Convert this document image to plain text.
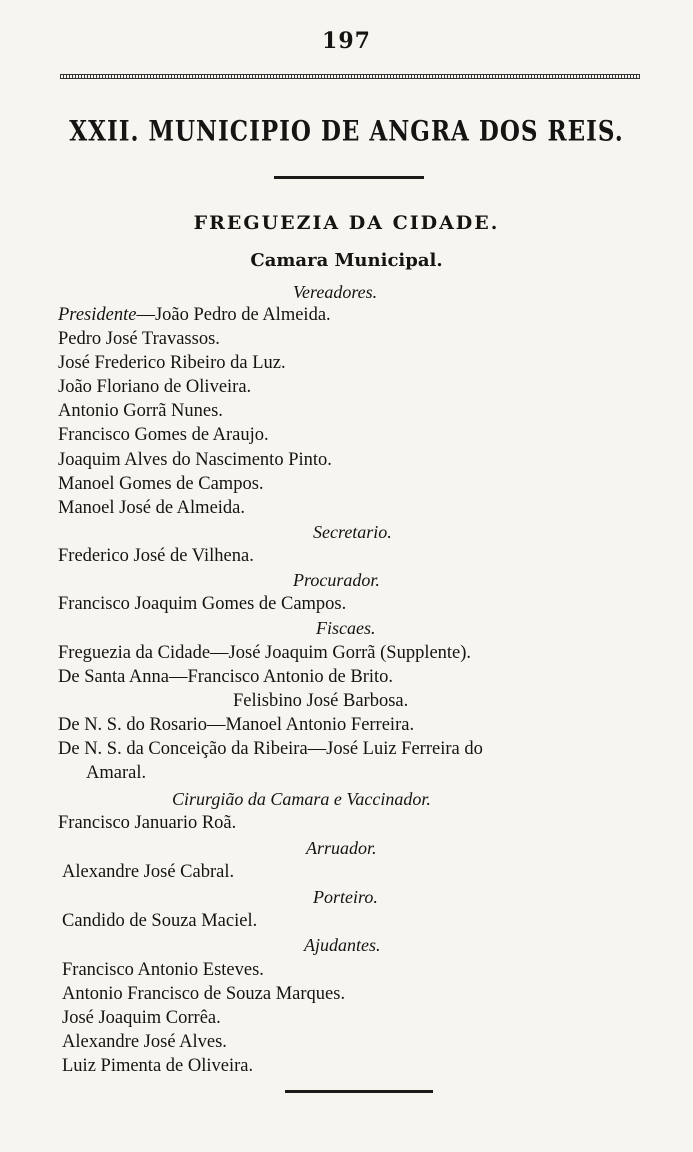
197
XXII. MUNICIPIO DE ANGRA DOS REIS.
FREGUEZIA DA CIDADE.
Camara Municipal.
Vereadores.
Presidente—João Pedro de Almeida.
Pedro José Travassos.
José Frederico Ribeiro da Luz.
João Floriano de Oliveira.
Antonio Gorrã Nunes.
Francisco Gomes de Araujo.
Joaquim Alves do Nascimento Pinto.
Manoel Gomes de Campos.
Manoel José de Almeida.
Secretario.
Frederico José de Vilhena.
Procurador.
Francisco Joaquim Gomes de Campos.
Fiscaes.
Freguezia da Cidade—José Joaquim Gorrã (Supplente).
De Santa Anna—Francisco Antonio de Brito.
Felisbino José Barbosa.
De N. S. do Rosario—Manoel Antonio Ferreira.
De N. S. da Conceição da Ribeira—José Luiz Ferreira do
Amaral.
Cirurgião da Camara e Vaccinador.
Francisco Januario Roã.
Arruador.
Alexandre José Cabral.
Porteiro.
Candido de Souza Maciel.
Ajudantes.
Francisco Antonio Esteves.
Antonio Francisco de Souza Marques.
José Joaquim Corrêa.
Alexandre José Alves.
Luiz Pimenta de Oliveira.
